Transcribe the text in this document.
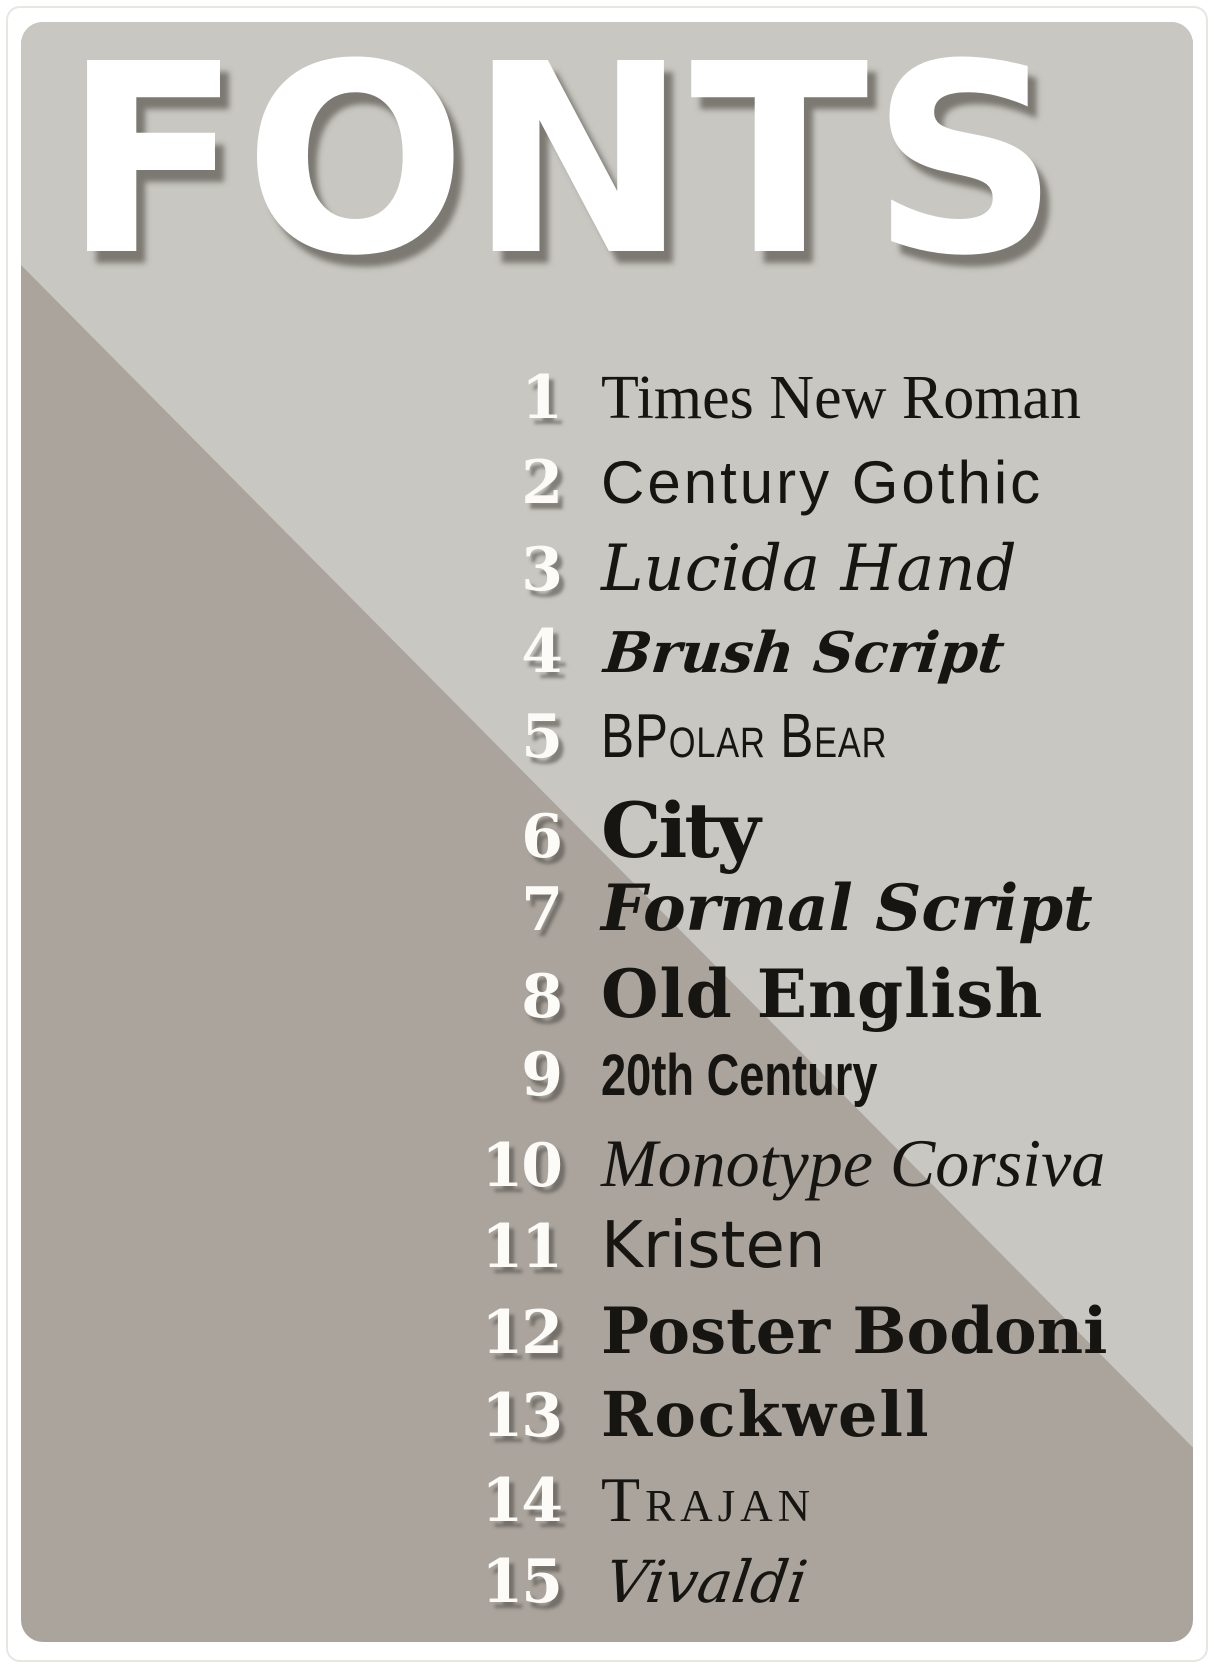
FONTS
1 Times New Roman
2 Century Gothic
3 Lucida Hand
4 Brush Script
5 BPolar Bear
6 City
7 Formal Script
8 Old English
9 20th Century
10 Monotype Corsiva
11 Kristen
12 Poster Bodoni
13 Rockwell
14 Trajan
15 Vivaldi
